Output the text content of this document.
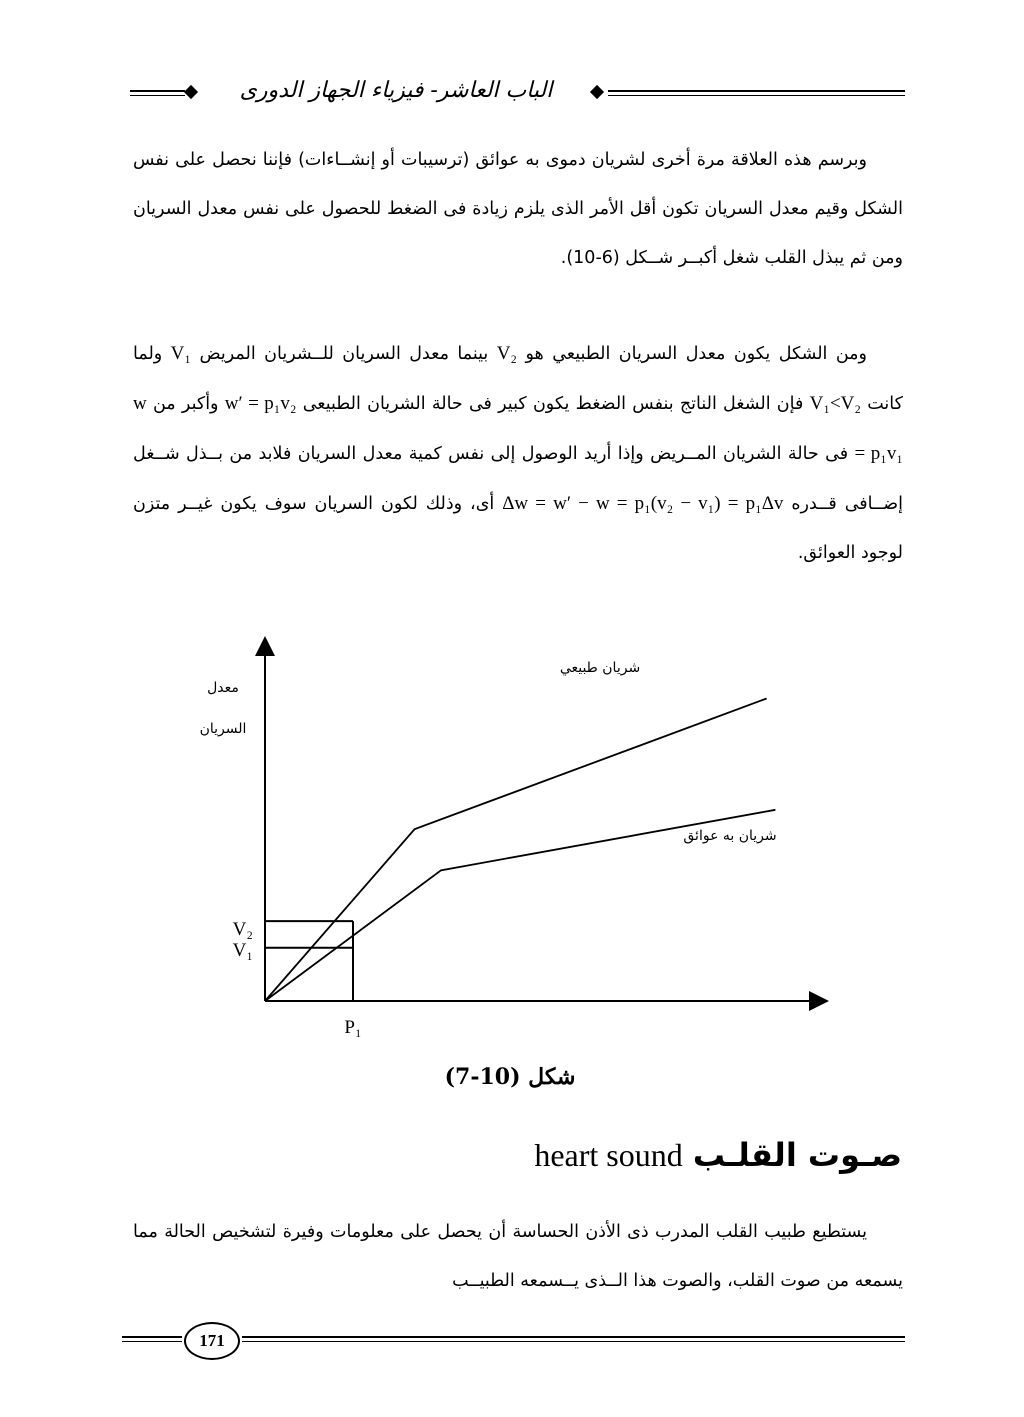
الباب العاشر- فيزياء الجهاز الدورى
وبرسم هذه العلاقة مرة أخرى لشريان دموى به عوائق (ترسيبات أو إنشــاءات) فإننا نحصل على نفس الشكل وقيم معدل السريان تكون أقل الأمر الذى يلزم زيادة فى الضغط للحصول على نفس معدل السريان ومن ثم يبذل القلب شغل أكبــر شــكل (6-10).
ومن الشكل يكون معدل السريان الطبيعي هو V₂ بينما معدل السريان للــشريان المريض V₁ ولما كانت V₁<V₂ فإن الشغل الناتج بنفس الضغط يكون كبير فى حالة الشريان الطبيعى w′ = p₁v₂ وأكبر من w = p₁v₁ فى حالة الشريان المــريض وإذا أريد الوصول إلى نفس كمية معدل السريان فلابد من بــذل شــغل إضــافى قــدره Δw = w′ − w = p₁(v₂ − v₁) = p₁Δv أى، وذلك لكون السريان سوف يكون غيــر متزن لوجود العوائق.
معدل
السريان
شريان طبيعي
شريان به عوائق
P₁
V₂
V₁
شكل (10-7)
صـوت القلـب heart sound
يستطيع طبيب القلب المدرب ذى الأذن الحساسة أن يحصل على معلومات وفيرة لتشخيص الحالة مما يسمعه من صوت القلب، والصوت هذا الــذى يــسمعه الطبيــب
171
